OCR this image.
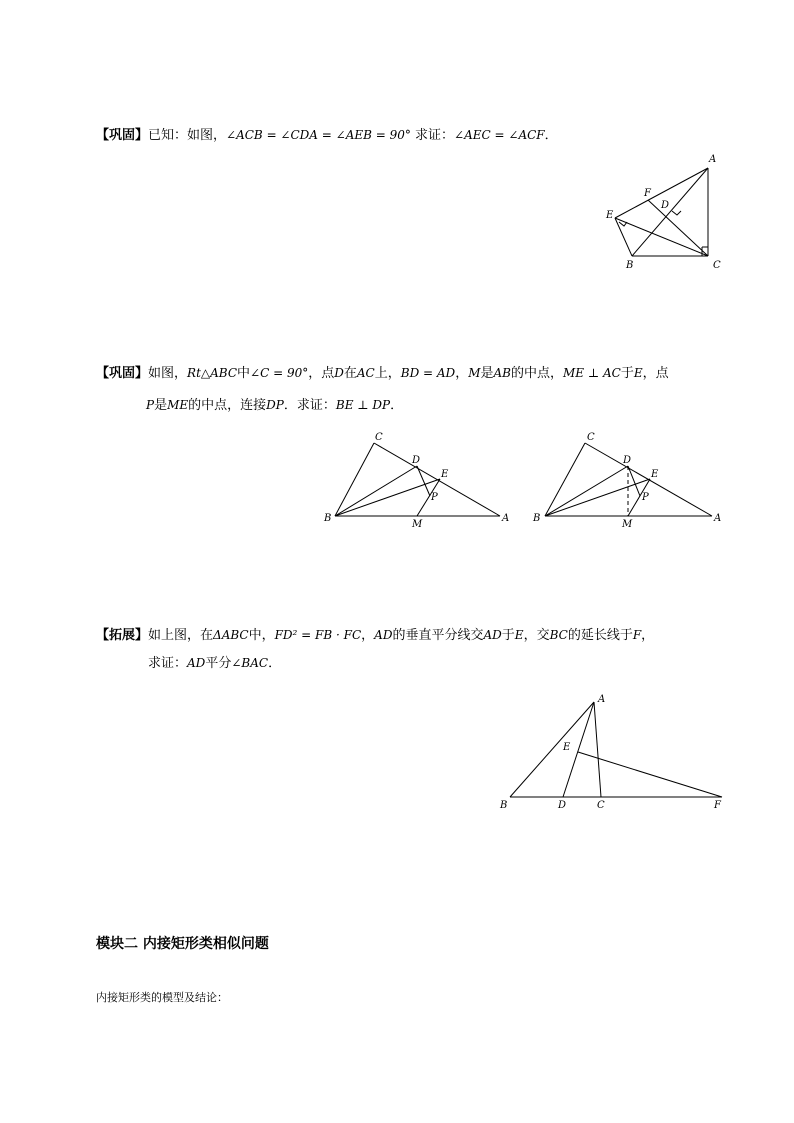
【巩固】已知：如图，∠ACB = ∠CDA = ∠AEB = 90° 求证：∠AEC = ∠ACF．
A
F
D
E
B	C
【巩固】如图，Rt△ABC中∠C = 90°，点D在AC上，BD = AD，M是AB的中点，ME ⊥ AC于E，点
P是ME的中点，连接DP．求证：BE ⊥ DP．
C
D
E
P
B
M
A
C
D
E
P
B
M
A
【拓展】如上图，在ΔABC中，FD² = FB · FC，AD的垂直平分线交AD于E，交BC的延长线于F，
求证：AD平分∠BAC．
A
E
B	D	C	F
模块二 内接矩形类相似问题
内接矩形类的模型及结论：
